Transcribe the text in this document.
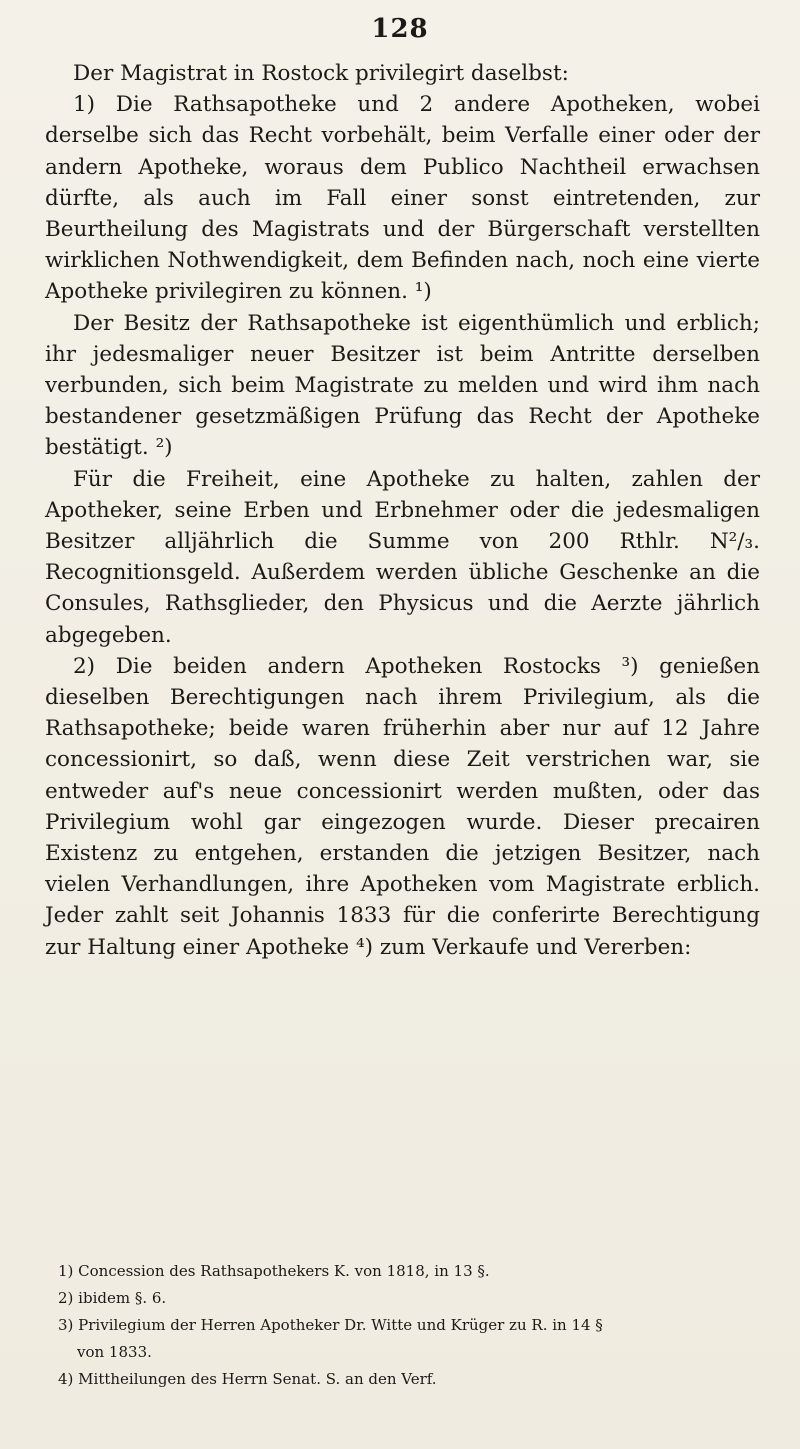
128

Der Magistrat in Rostock privilegirt daselbst:

1) Die Rathsapotheke und 2 andere Apotheken, wobei derselbe sich das Recht vorbehält, beim Verfalle einer oder der andern Apotheke, woraus dem Publico Nachtheil erwachsen dürfte, als auch im Fall einer sonst eintretenden, zur Beurtheilung des Magistrats und der Bürgerschaft verstellten wirklichen Nothwendigkeit, dem Befinden nach, noch eine vierte Apotheke privilegiren zu können. ¹)

Der Besitz der Rathsapotheke ist eigenthümlich und erblich; ihr jedesmaliger neuer Besitzer ist beim Antritte derselben verbunden, sich beim Magistrate zu melden und wird ihm nach bestandener gesetzmäßigen Prüfung das Recht der Apotheke bestätigt. ²)

Für die Freiheit, eine Apotheke zu halten, zahlen der Apotheker, seine Erben und Erbnehmer oder die jedesmaligen Besitzer alljährlich die Summe von 200 Rthlr. N²/₃. Recognitionsgeld. Außerdem werden übliche Geschenke an die Consules, Rathsglieder, den Physicus und die Aerzte jährlich abgegeben.

2) Die beiden andern Apotheken Rostocks ³) genießen dieselben Berechtigungen nach ihrem Privilegium, als die Rathsapotheke; beide waren früherhin aber nur auf 12 Jahre concessionirt, so daß, wenn diese Zeit verstrichen war, sie entweder auf's neue concessionirt werden mußten, oder das Privilegium wohl gar eingezogen wurde. Dieser precairen Existenz zu entgehen, erstanden die jetzigen Besitzer, nach vielen Verhandlungen, ihre Apotheken vom Magistrate erblich. Jeder zahlt seit Johannis 1833 für die conferirte Berechtigung zur Haltung einer Apotheke ⁴) zum Verkaufe und Vererben:

1) Concession des Rathsapothekers K. von 1818, in 13 §.

2) ibidem §. 6.

3) Privilegium der Herren Apotheker Dr. Witte und Krüger zu R. in 14 §

von 1833.

4) Mittheilungen des Herrn Senat. S. an den Verf.
